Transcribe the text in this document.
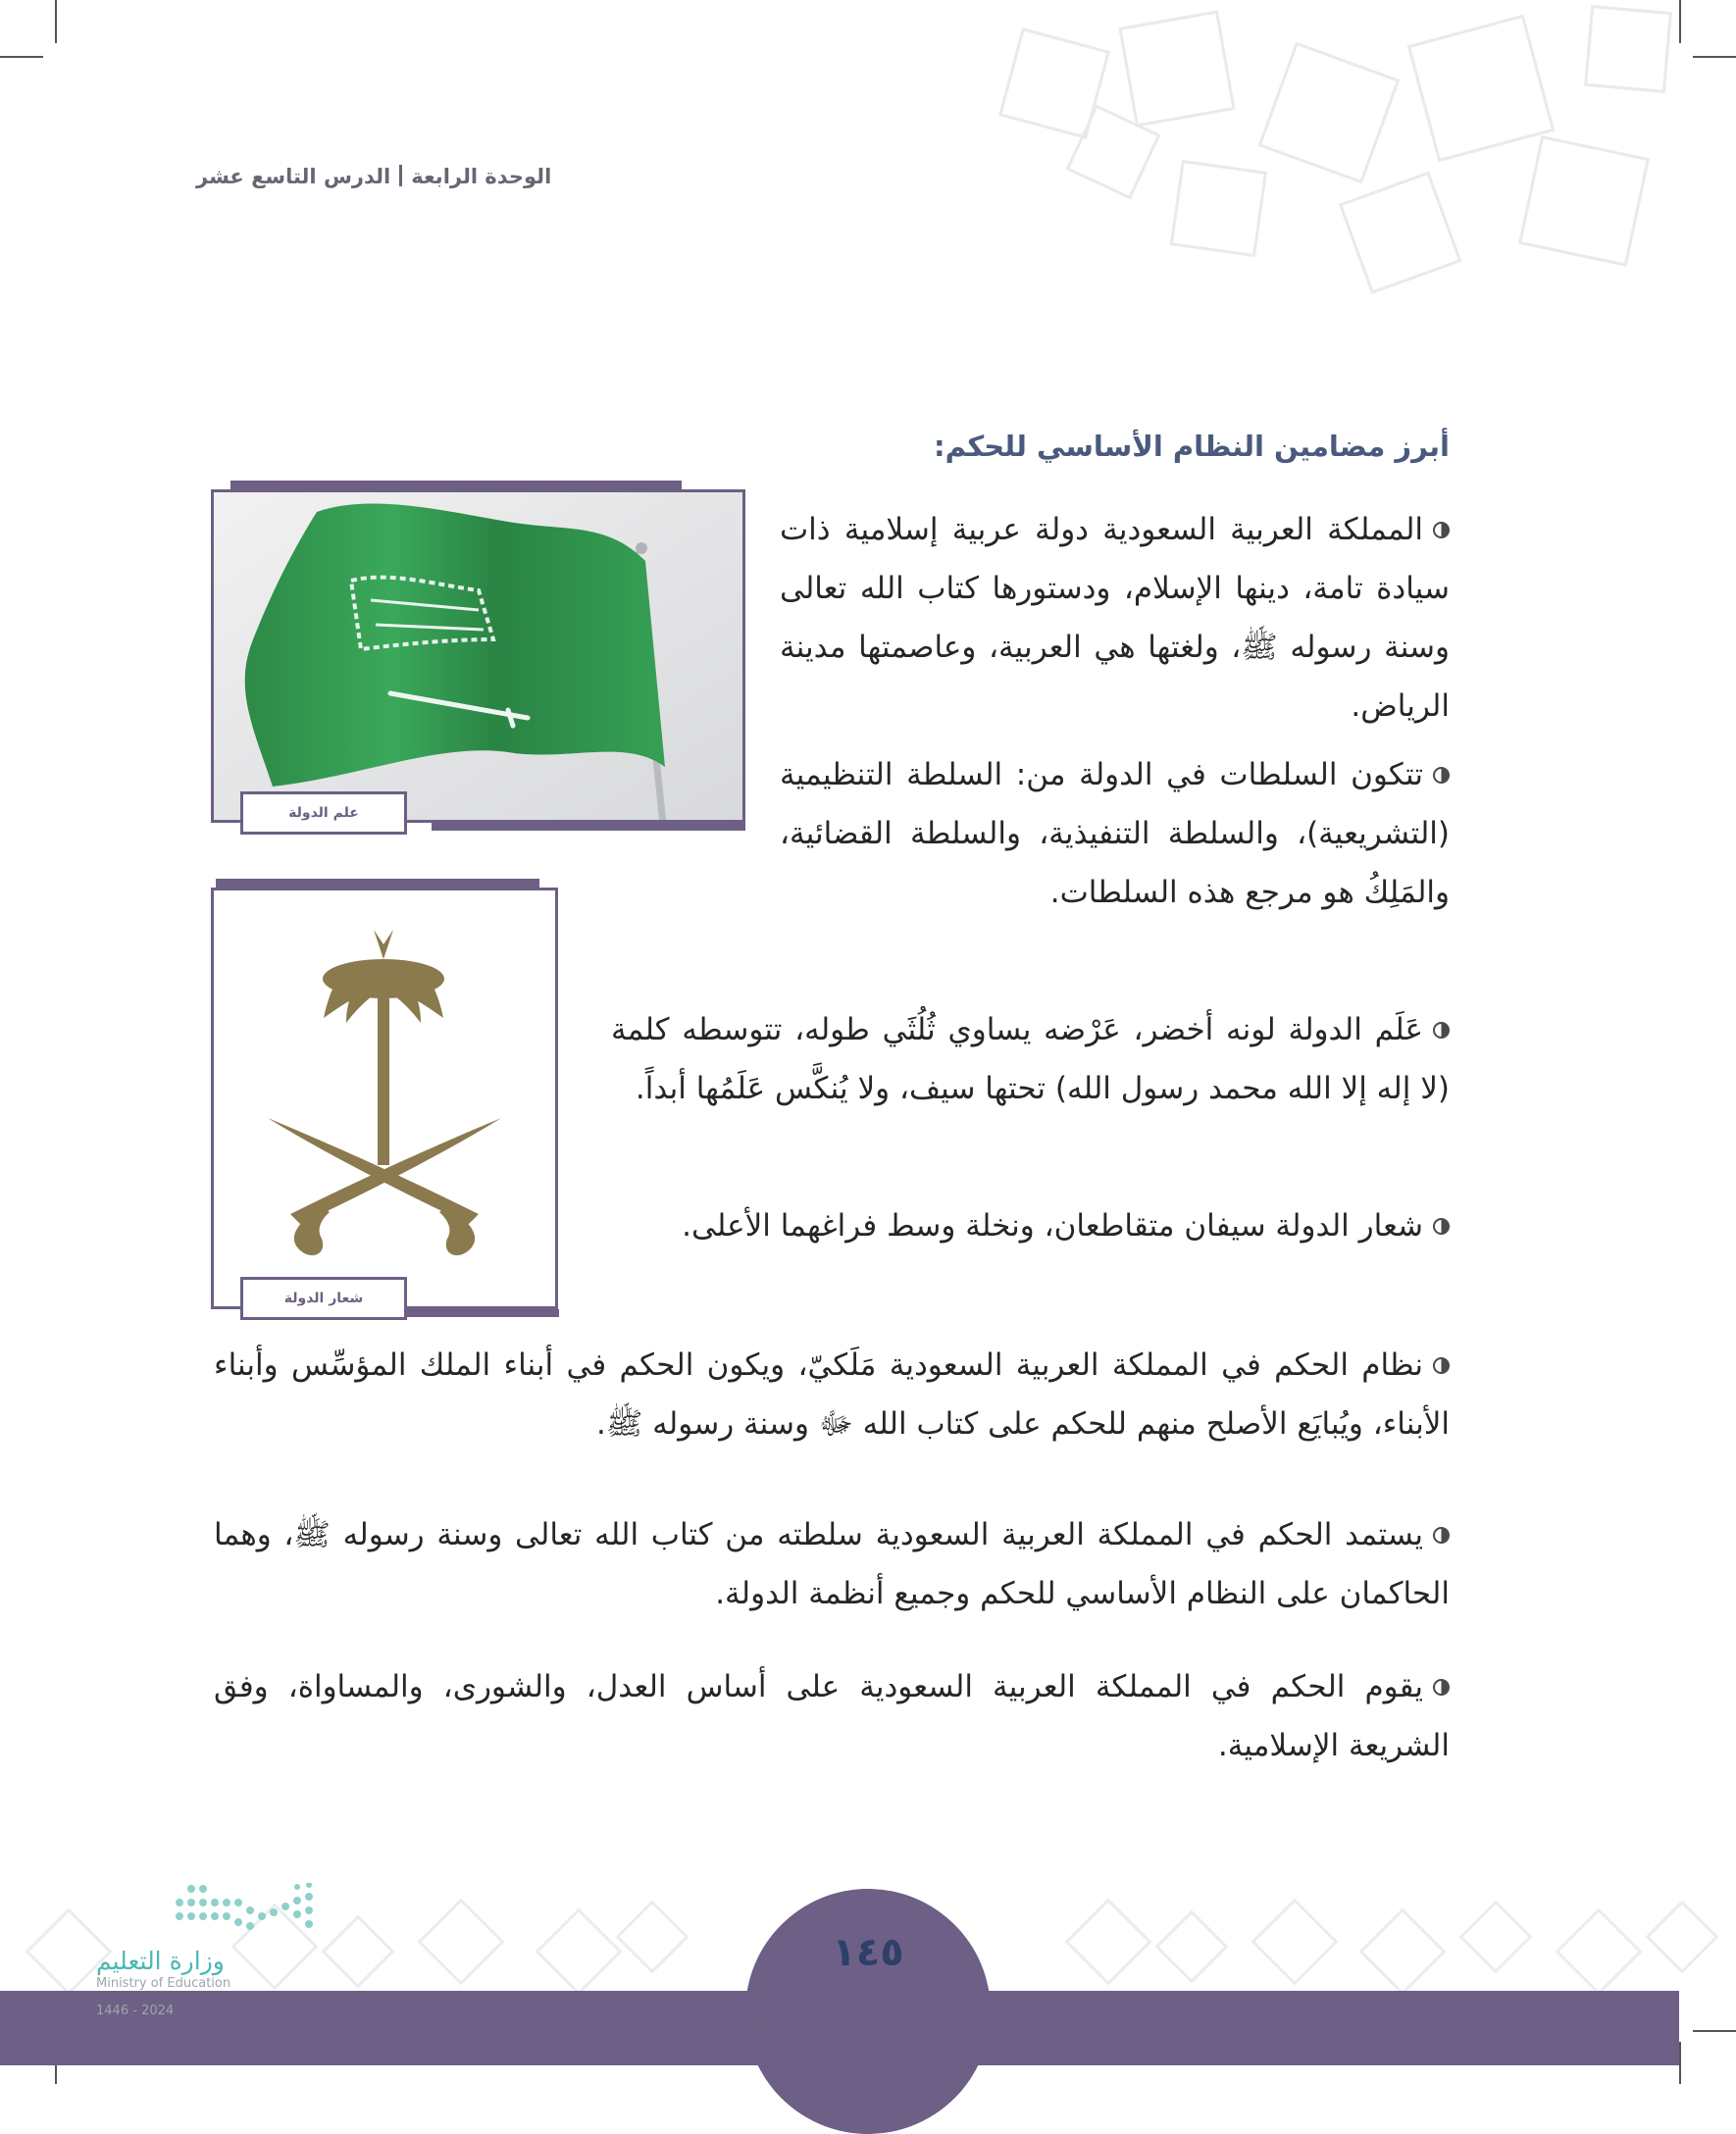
الوحدة الرابعةالدرس التاسع عشر
أبرز مضامين النظام الأساسي للحكم:
علم الدولة
شعار الدولة
المملكة العربية السعودية دولة عربية إسلامية ذات سيادة تامة، دينها الإسلام، ودستورها كتاب الله تعالى وسنة رسوله ﷺ، ولغتها هي العربية، وعاصمتها مدينة الرياض.
تتكون السلطات في الدولة من: السلطة التنظيمية (التشريعية)، والسلطة التنفيذية، والسلطة القضائية، والمَلِكُ هو مرجع هذه السلطات.
عَلَم الدولة لونه أخضر، عَرْضه يساوي ثُلُثَي طوله، تتوسطه كلمة (لا إله إلا الله محمد رسول الله) تحتها سيف، ولا يُنكَّس عَلَمُها أبداً.
شعار الدولة سيفان متقاطعان، ونخلة وسط فراغهما الأعلى.
نظام الحكم في المملكة العربية السعودية مَلَكيّ، ويكون الحكم في أبناء الملك المؤسِّس وأبناء الأبناء، ويُبايَع الأصلح منهم للحكم على كتاب الله ﷻ وسنة رسوله ﷺ.
يستمد الحكم في المملكة العربية السعودية سلطته من كتاب الله تعالى وسنة رسوله ﷺ، وهما الحاكمان على النظام الأساسي للحكم وجميع أنظمة الدولة.
يقوم الحكم في المملكة العربية السعودية على أساس العدل، والشورى، والمساواة، وفق الشريعة الإسلامية.
١٤٥
وزارة التعليم
Ministry of Education
2024 - 1446
